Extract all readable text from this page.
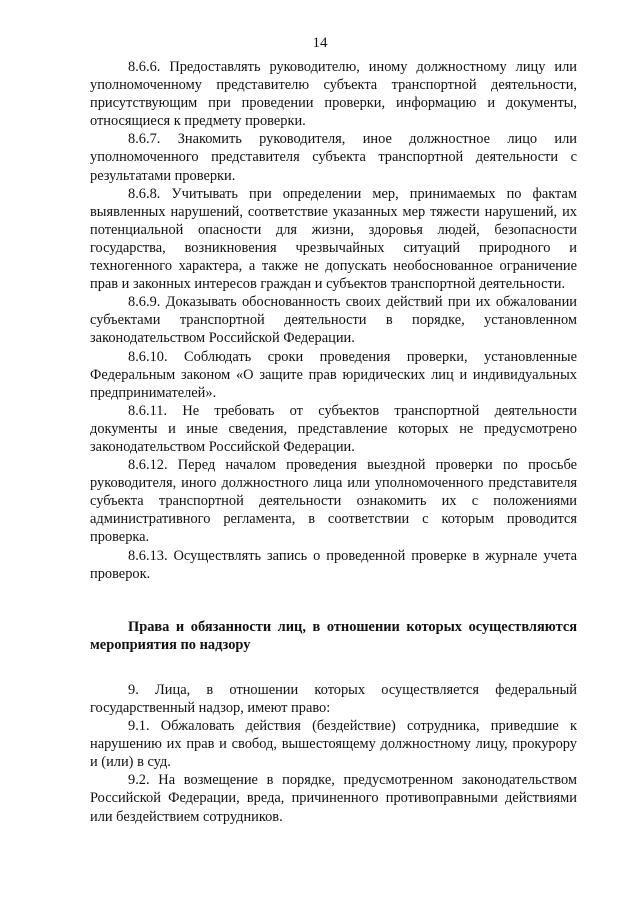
14

8.6.6. Предоставлять руководителю, иному должностному лицу или уполномоченному представителю субъекта транспортной деятельности, присутствующим при проведении проверки, информацию и документы, относящиеся к предмету проверки.

8.6.7. Знакомить руководителя, иное должностное лицо или уполномоченного представителя субъекта транспортной деятельности с результатами проверки.

8.6.8. Учитывать при определении мер, принимаемых по фактам выявленных нарушений, соответствие указанных мер тяжести нарушений, их потенциальной опасности для жизни, здоровья людей, безопасности государства, возникновения чрезвычайных ситуаций природного и техногенного характера, а также не допускать необоснованное ограничение прав и законных интересов граждан и субъектов транспортной деятельности.

8.6.9. Доказывать обоснованность своих действий при их обжаловании субъектами транспортной деятельности в порядке, установленном законодательством Российской Федерации.

8.6.10. Соблюдать сроки проведения проверки, установленные Федеральным законом «О защите прав юридических лиц и индивидуальных предпринимателей».

8.6.11. Не требовать от субъектов транспортной деятельности документы и иные сведения, представление которых не предусмотрено законодательством Российской Федерации.

8.6.12. Перед началом проведения выездной проверки по просьбе руководителя, иного должностного лица или уполномоченного представителя субъекта транспортной деятельности ознакомить их с положениями административного регламента, в соответствии с которым проводится проверка.

8.6.13. Осуществлять запись о проведенной проверке в журнале учета проверок.

Права и обязанности лиц, в отношении которых осуществляются мероприятия по надзору

9. Лица, в отношении которых осуществляется федеральный государственный надзор, имеют право:

9.1. Обжаловать действия (бездействие) сотрудника, приведшие к нарушению их прав и свобод, вышестоящему должностному лицу, прокурору и (или) в суд.

9.2. На возмещение в порядке, предусмотренном законодательством Российской Федерации, вреда, причиненного противоправными действиями или бездействием сотрудников.
